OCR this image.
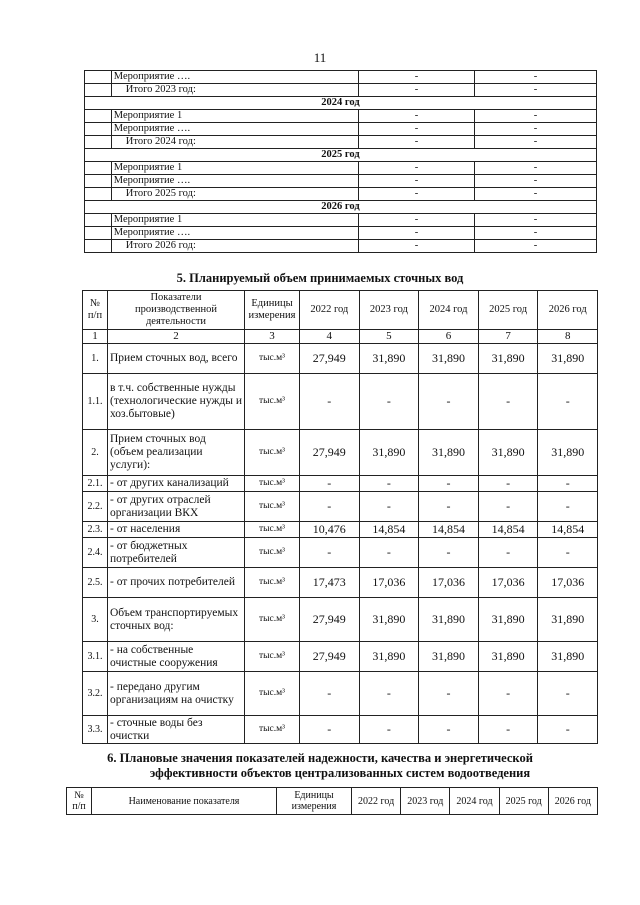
11
	Мероприятие ….	-	-
	Итого 2023 год:	-	-
2024 год			
	Мероприятие 1	-	-
	Мероприятие ….	-	-
	Итого 2024 год:	-	-
2025 год			
	Мероприятие 1	-	-
	Мероприятие ….	-	-
	Итого 2025 год:	-	-
2026 год			
	Мероприятие 1	-	-
	Мероприятие ….	-	-
	Итого 2026 год:	-	-
5. Планируемый объем принимаемых сточных вод
№ п/п	Показатели производственной деятельности	Единицы измерения	2022 год	2023 год	2024 год	2025 год	2026 год
1	2	3	4	5	6	7	8
1.	Прием сточных вод, всего	тыс.м³	27,949	31,890	31,890	31,890	31,890
1.1.	в т.ч. собственные нужды (технологические нужды и хоз.бытовые)	тыс.м³	-	-	-	-	-
2.	Прием сточных вод (объем реализации услуги):	тыс.м³	27,949	31,890	31,890	31,890	31,890
2.1.	- от других канализаций	тыс.м³	-	-	-	-	-
2.2.	- от других отраслей организации ВКХ	тыс.м³	-	-	-	-	-
2.3.	- от населения	тыс.м³	10,476	14,854	14,854	14,854	14,854
2.4.	- от бюджетных потребителей	тыс.м³	-	-	-	-	-
2.5.	- от прочих потребителей	тыс.м³	17,473	17,036	17,036	17,036	17,036
3.	Объем транспортируемых сточных вод:	тыс.м³	27,949	31,890	31,890	31,890	31,890
3.1.	- на собственные очистные сооружения	тыс.м³	27,949	31,890	31,890	31,890	31,890
3.2.	- передано другим организациям на очистку	тыс.м³	-	-	-	-	-
3.3.	- сточные воды без очистки	тыс.м³	-	-	-	-	-
6. Плановые значения показателей надежности, качества и энергетической
эффективности объектов централизованных систем водоотведения
№ п/п	Наименование показателя	Единицы измерения	2022 год	2023 год	2024 год	2025 год	2026 год
